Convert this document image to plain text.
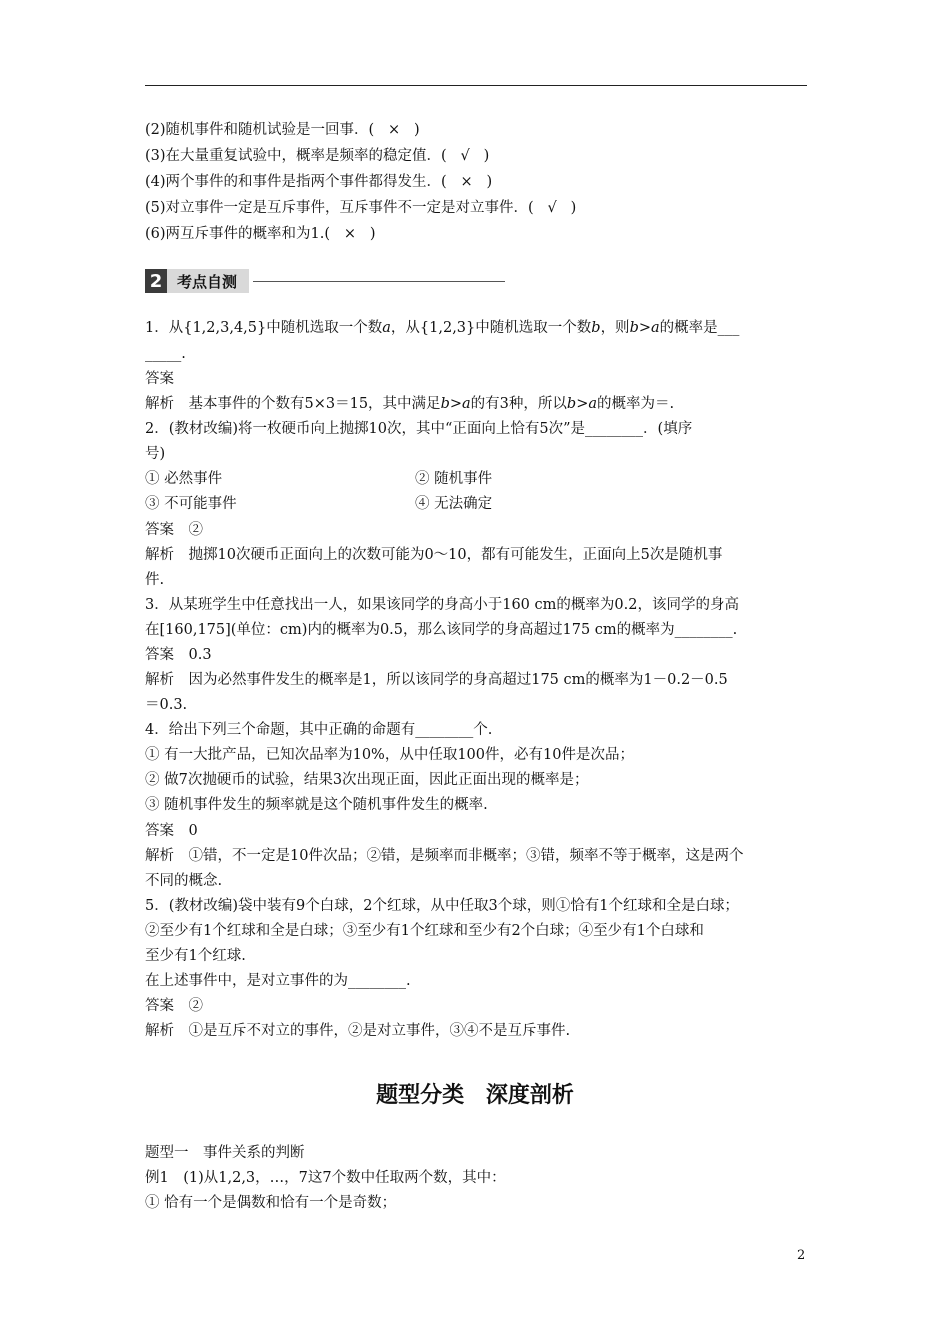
(2)随机事件和随机试验是一回事．( × )
(3)在大量重复试验中，概率是频率的稳定值．( √ )
(4)两个事件的和事件是指两个事件都得发生．( × )
(5)对立事件一定是互斥事件，互斥事件不一定是对立事件．( √ )
(6)两互斥事件的概率和为1.( × )
2 考点自测
1．从{1,2,3,4,5}中随机选取一个数a，从{1,2,3}中随机选取一个数b，则b>a的概率是___
_____.
答案
解析　基本事件的个数有5×3＝15，其中满足b>a的有3种，所以b>a的概率为＝.
2．(教材改编)将一枚硬币向上抛掷10次，其中“正面向上恰有5次”是________．(填序
号)
① 必然事件	② 随机事件
③ 不可能事件	④ 无法确定
答案　②
解析　抛掷10次硬币正面向上的次数可能为0～10，都有可能发生，正面向上5次是随机事
件.
3．从某班学生中任意找出一人，如果该同学的身高小于160 cm的概率为0.2，该同学的身高
在[160,175](单位：cm)内的概率为0.5，那么该同学的身高超过175 cm的概率为________.
答案　0.3
解析　因为必然事件发生的概率是1，所以该同学的身高超过175 cm的概率为1－0.2－0.5
＝0.3.
4．给出下列三个命题，其中正确的命题有________个.
① 有一大批产品，已知次品率为10%，从中任取100件，必有10件是次品；
② 做7次抛硬币的试验，结果3次出现正面，因此正面出现的概率是；
③ 随机事件发生的频率就是这个随机事件发生的概率.
答案　0
解析　①错，不一定是10件次品；②错，是频率而非概率；③错，频率不等于概率，这是两个
不同的概念.
5．(教材改编)袋中装有9个白球，2个红球，从中任取3个球，则①恰有1个红球和全是白球；
②至少有1个红球和全是白球；③至少有1个红球和至少有2个白球；④至少有1个白球和
至少有1个红球.
在上述事件中，是对立事件的为________.
答案　②
解析　①是互斥不对立的事件，②是对立事件，③④不是互斥事件.
题型分类 深度剖析
题型一　事件关系的判断
例1　(1)从1,2,3，…，7这7个数中任取两个数，其中：
① 恰有一个是偶数和恰有一个是奇数；
2
